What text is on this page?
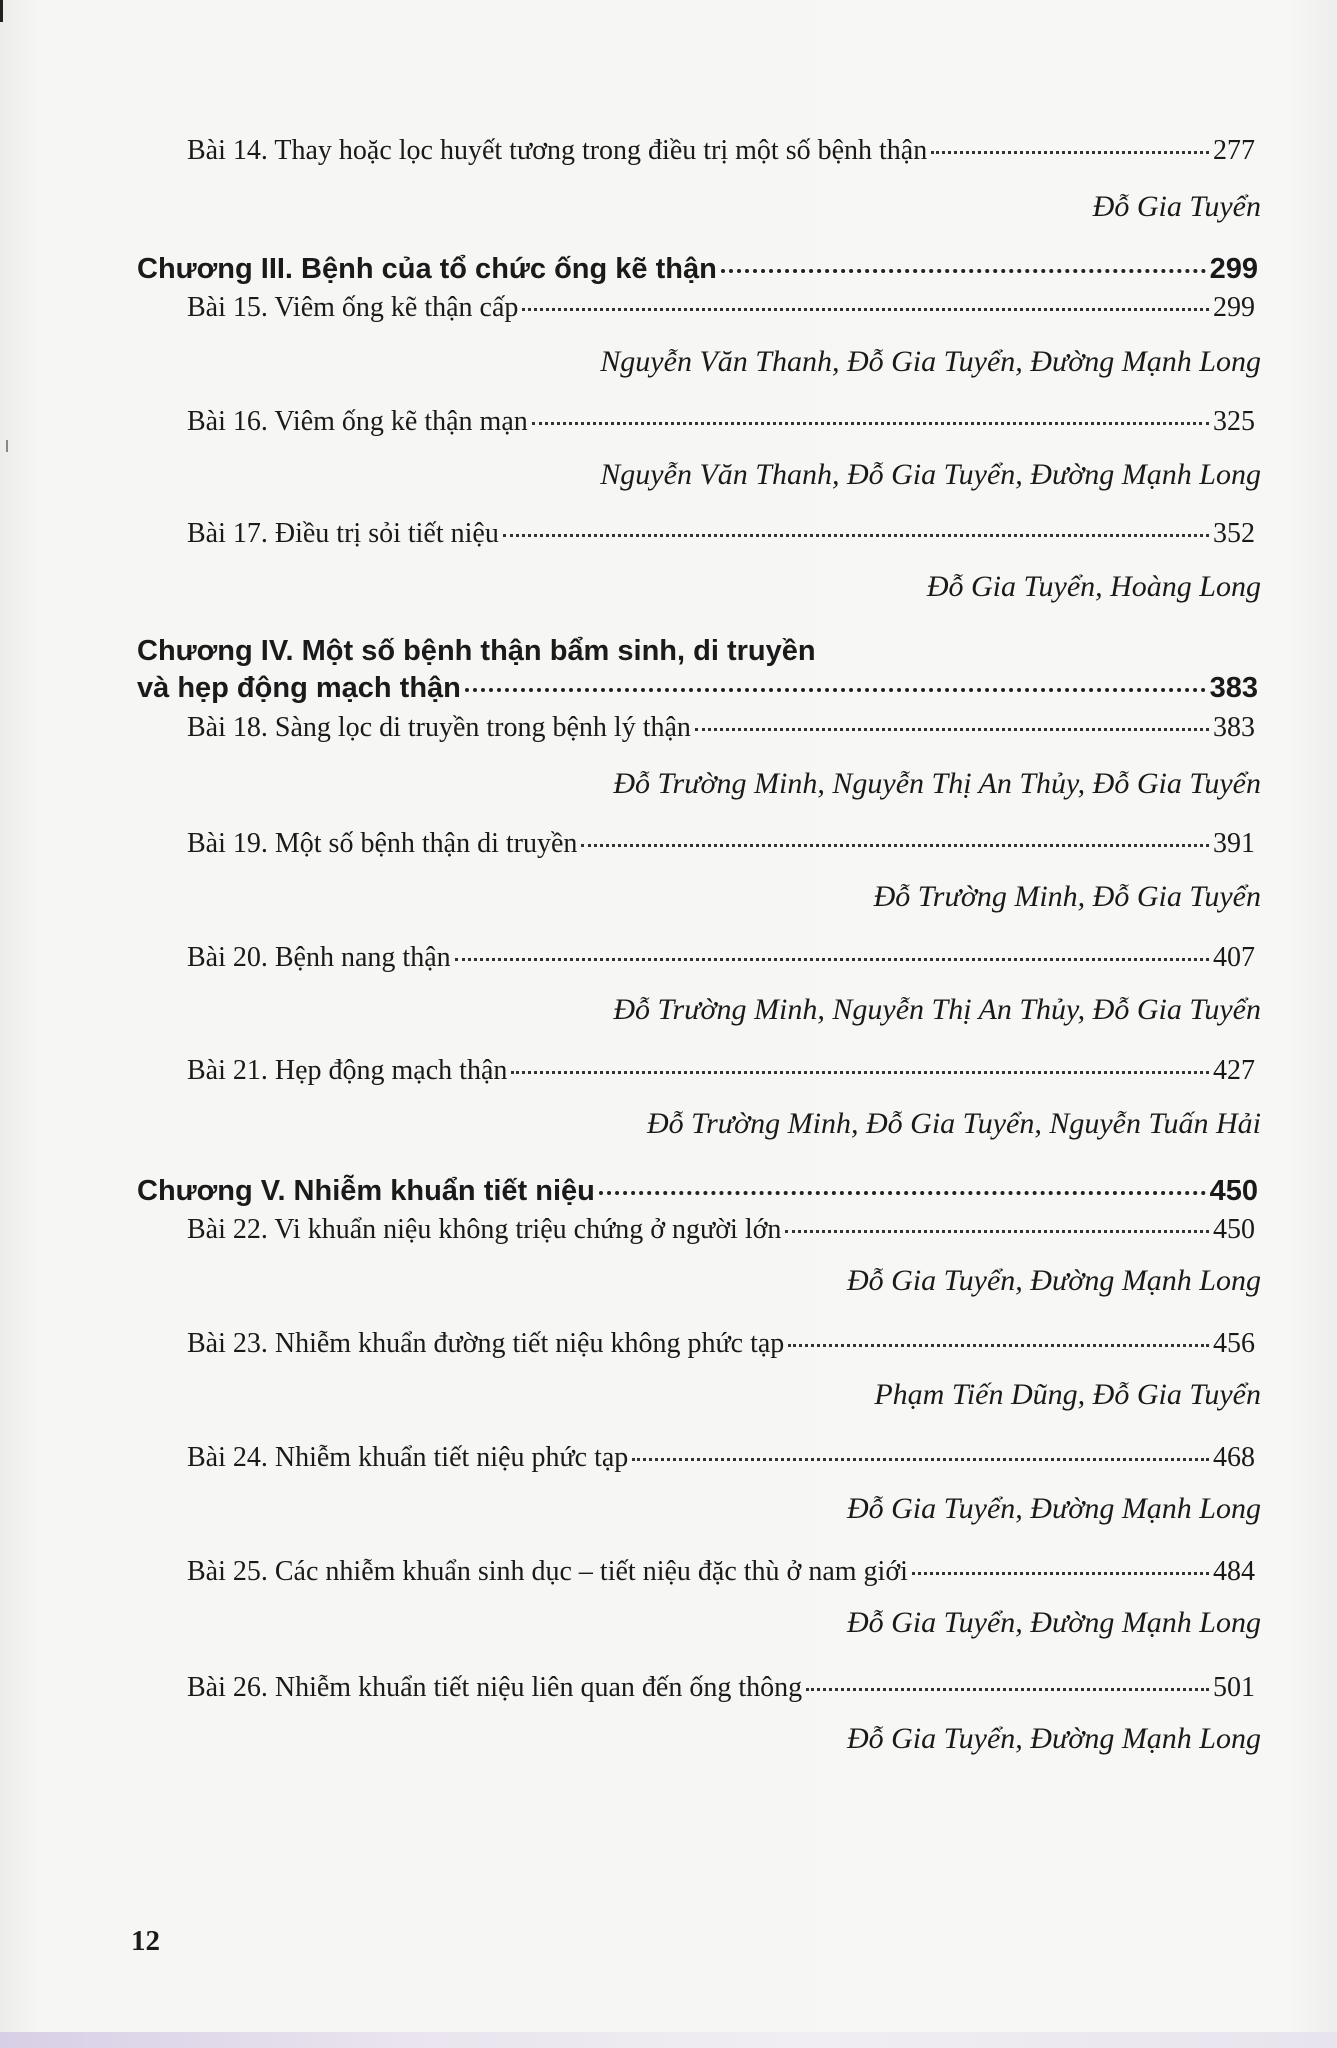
Bài 14. Thay hoặc lọc huyết tương trong điều trị một số bệnh thận	277
Đỗ Gia Tuyển
Chương III. Bệnh của tổ chức ống kẽ thận	299
Bài 15. Viêm ống kẽ thận cấp	299
Nguyễn Văn Thanh, Đỗ Gia Tuyển, Đường Mạnh Long
Bài 16. Viêm ống kẽ thận mạn	325
Nguyễn Văn Thanh, Đỗ Gia Tuyển, Đường Mạnh Long
Bài 17. Điều trị sỏi tiết niệu	352
Đỗ Gia Tuyển, Hoàng Long
Chương IV. Một số bệnh thận bẩm sinh, di truyền
và hẹp động mạch thận	383
Bài 18. Sàng lọc di truyền trong bệnh lý thận	383
Đỗ Trường Minh, Nguyễn Thị An Thủy, Đỗ Gia Tuyển
Bài 19. Một số bệnh thận di truyền	391
Đỗ Trường Minh, Đỗ Gia Tuyển
Bài 20. Bệnh nang thận	407
Đỗ Trường Minh, Nguyễn Thị An Thủy, Đỗ Gia Tuyển
Bài 21. Hẹp động mạch thận	427
Đỗ Trường Minh, Đỗ Gia Tuyển, Nguyễn Tuấn Hải
Chương V. Nhiễm khuẩn tiết niệu	450
Bài 22. Vi khuẩn niệu không triệu chứng ở người lớn	450
Đỗ Gia Tuyển, Đường Mạnh Long
Bài 23. Nhiễm khuẩn đường tiết niệu không phức tạp	456
Phạm Tiến Dũng, Đỗ Gia Tuyển
Bài 24. Nhiễm khuẩn tiết niệu phức tạp	468
Đỗ Gia Tuyển, Đường Mạnh Long
Bài 25. Các nhiễm khuẩn sinh dục – tiết niệu đặc thù ở nam giới	484
Đỗ Gia Tuyển, Đường Mạnh Long
Bài 26. Nhiễm khuẩn tiết niệu liên quan đến ống thông	501
Đỗ Gia Tuyển, Đường Mạnh Long
12
